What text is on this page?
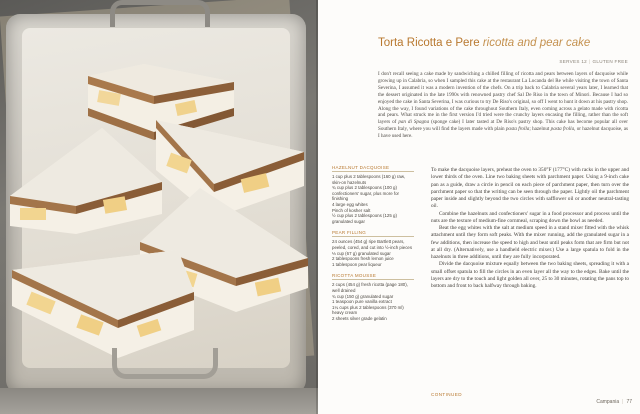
Torta Ricotta e Pere ricotta and pear cake
SERVES 12 | GLUTEN FREE
I don't recall seeing a cake made by sandwiching a chilled filling of ricotta and pears between layers of dacquoise while growing up in Calabria, so when I sampled this cake at the restaurant La Locanda del Re while visiting the town of Santa Severina, I assumed it was a modern invention of the chefs. On a trip back to Calabria several years later, I learned that the dessert originated in the late 1990s with renowned pastry chef Sal De Riso in the town of Minori. Because I had so enjoyed the cake in Santa Severina, I was curious to try De Riso's original, so off I went to hunt it down at his pastry shop. Along the way, I found variations of the cake throughout Southern Italy, even coming across a gelato made with ricotta and pears. What struck me in the first version I'd tried were the crunchy layers encasing the filling, rather than the soft layers of pan di Spagna (sponge cake) I later tasted at De Riso's pastry shop. This cake has become popular all over Southern Italy, where you will find the layers made with plain pasta frolla; hazelnut pasta frolla, or hazelnut dacquoise, as I have used here.
HAZELNUT DACQUOISE
1 cup plus 2 tablespoons (160 g) raw, skin-on hazelnuts
¾ cup plus 2 tablespoons (100 g) confectioners' sugar, plus more for finishing
4 large egg whites
Pinch of kosher salt
½ cup plus 2 tablespoons (125 g) granulated sugar
PEAR FILLING
24 ounces (454 g) ripe Bartlett pears, peeled, cored, and cut into ½-inch pieces
⅓ cup (67 g) granulated sugar
2 tablespoons fresh lemon juice
1 tablespoon pear liqueur
RICOTTA MOUSSE
2 cups (454 g) fresh ricotta (page 180), well drained
¾ cup (150 g) granulated sugar
1 teaspoon pure vanilla extract
1¼ cups plus 2 tablespoons (370 ml) heavy cream
2 sheets silver grade gelatin

To make the dacquoise layers, preheat the oven to 350°F (177°C) with racks in the upper and lower thirds of the oven. Line two baking sheets with parchment paper. Using a 9-inch cake pan as a guide, draw a circle in pencil on each piece of parchment paper, then turn over the parchment paper so that the writing can be seen through the paper. Lightly oil the parchment paper inside and slightly beyond the two circles with safflower oil or another neutral-tasting oil.

Combine the hazelnuts and confectioners' sugar in a food processor and process until the nuts are the texture of medium-fine cornmeal, scraping down the bowl as needed.

Beat the egg whites with the salt at medium speed in a stand mixer fitted with the whisk attachment until they form soft peaks. With the mixer running, add the granulated sugar in a few additions, then increase the speed to high and beat until peaks form that are firm but not at all dry. (Alternatively, use a handheld electric mixer.) Use a large spatula to fold in the hazelnuts in three additions, until they are fully incorporated.

Divide the dacquoise mixture equally between the two baking sheets, spreading it with a small offset spatula to fill the circles in an even layer all the way to the edges. Bake until the layers are dry to the touch and light golden all over, 25 to 30 minutes, rotating the pans top to bottom and front to back halfway through baking.

CONTINUED
Campania | 77
